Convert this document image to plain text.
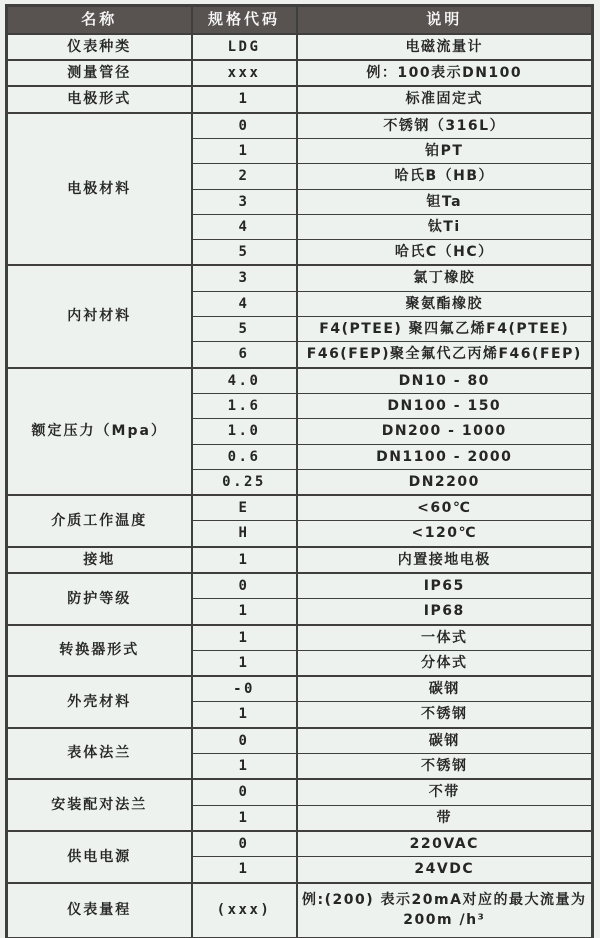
名称	规格代码	说明
仪表种类	LDG	电磁流量计
测量管径	xxx	例：100表示DN100
电极形式	1	标准固定式
电极材料	0	不锈钢（316L）
	1	铂PT
	2	哈氏B（HB）
	3	钽Ta
	4	钛Ti
	5	哈氏C（HC）
内衬材料	3	氯丁橡胶
	4	聚氨酯橡胶
	5	F4(PTEE) 聚四氟乙烯F4(PTEE)
	6	F46(FEP)聚全氟代乙丙烯F46(FEP)
额定压力（Mpa）	4.0	DN10 - 80
	1.6	DN100 - 150
	1.0	DN200 - 1000
	0.6	DN1100 - 2000
	0.25	DN2200
介质工作温度	E	<60℃
	H	<120℃
接地	1	内置接地电极
防护等级	0	IP65
	1	IP68
转换器形式	1	一体式
	1	分体式
外壳材料	-0	碳钢
	1	不锈钢
表体法兰	0	碳钢
	1	不锈钢
安装配对法兰	0	不带
	1	带
供电电源	0	220VAC
	1	24VDC
仪表量程	(xxx)	例:(200) 表示20mA对应的最大流量为200m /h³
